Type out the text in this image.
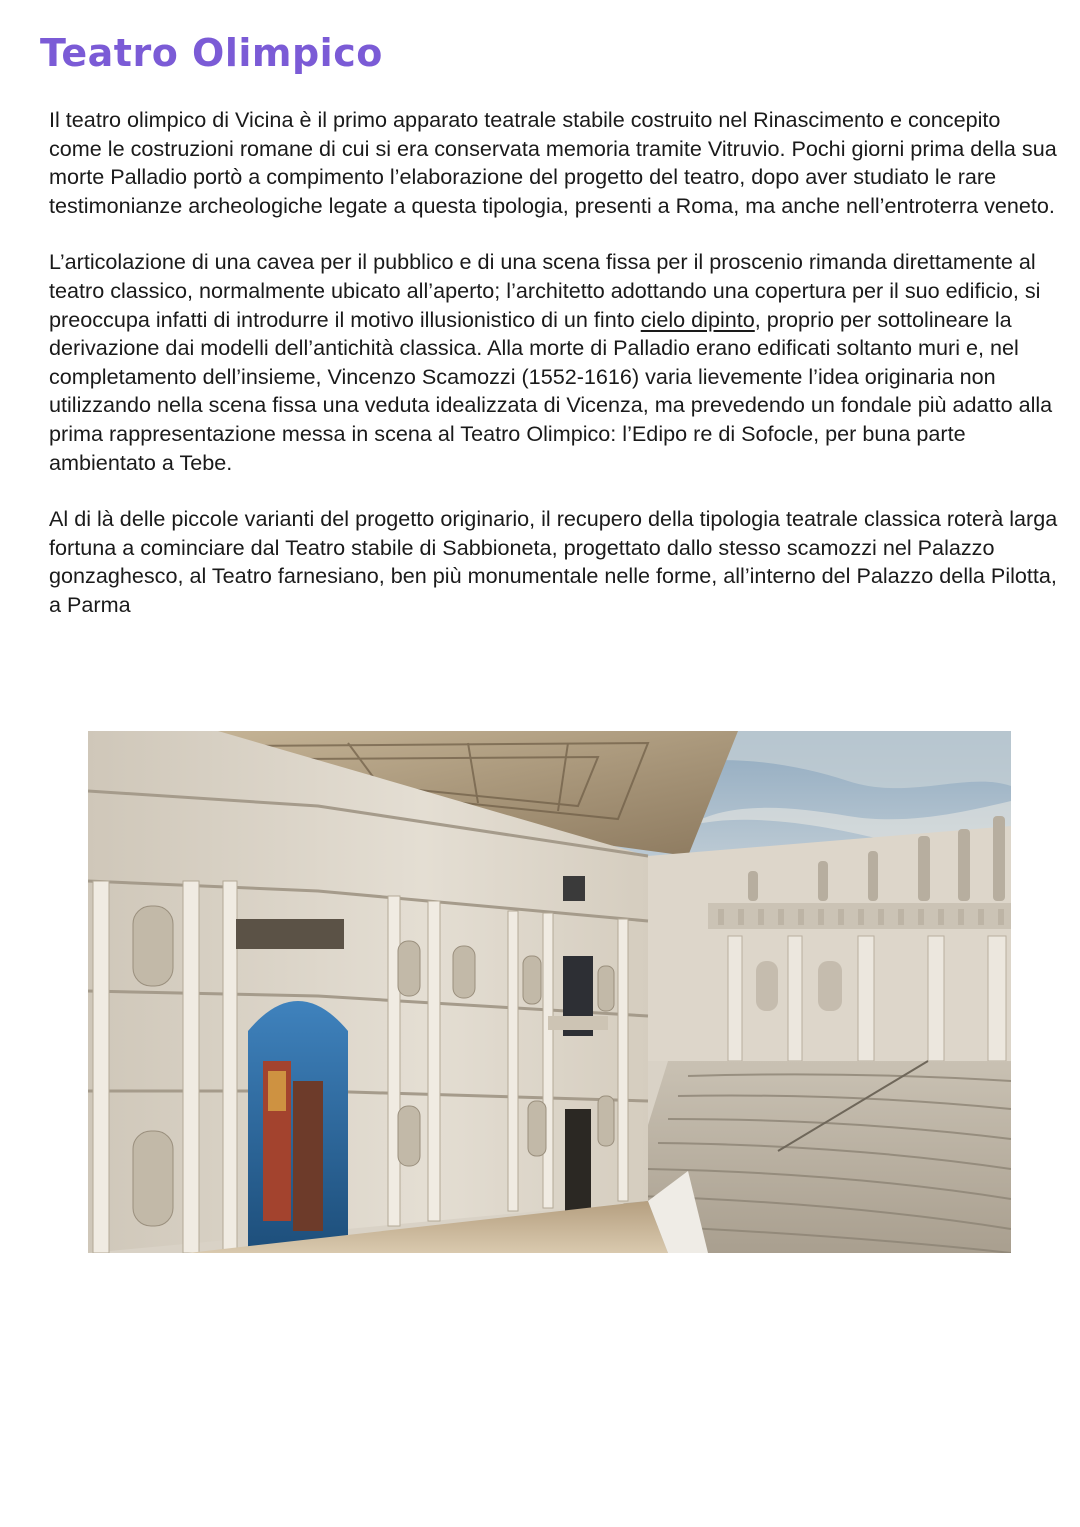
Teatro Olimpico

Il teatro olimpico di Vicina è il primo apparato teatrale stabile costruito nel Rinascimento e concepito come le costruzioni romane di cui si era conservata memoria tramite Vitruvio. Pochi giorni prima della sua morte Palladio portò a compimento l’elaborazione del progetto del teatro, dopo aver studiato le rare testimonianze archeologiche legate a questa tipologia, presenti a Roma, ma anche nell’entroterra veneto.

L’articolazione di una cavea per il pubblico e di una scena fissa per il proscenio rimanda direttamente al teatro classico, normalmente ubicato all’aperto; l’architetto adottando una copertura per il suo edificio, si preoccupa infatti di introdurre il motivo illusionistico di un finto cielo dipinto, proprio per sottolineare la derivazione dai modelli dell’antichità classica. Alla morte di Palladio erano edificati soltanto muri e, nel completamento dell’insieme, Vincenzo Scamozzi (1552-1616) varia lievemente l’idea originaria non utilizzando nella scena fissa una veduta idealizzata di Vicenza, ma prevedendo un fondale più adatto alla prima rappresentazione messa in scena al Teatro Olimpico: l’Edipo re di Sofocle, per buna parte ambientato a Tebe.

Al di là delle piccole varianti del progetto originario, il recupero della tipologia teatrale classica roterà larga fortuna a cominciare dal Teatro stabile di Sabbioneta, progettato dallo stesso scamozzi nel Palazzo gonzaghesco, al Teatro farnesiano, ben più monumentale nelle forme, all’interno del Palazzo della Pilotta, a Parma
